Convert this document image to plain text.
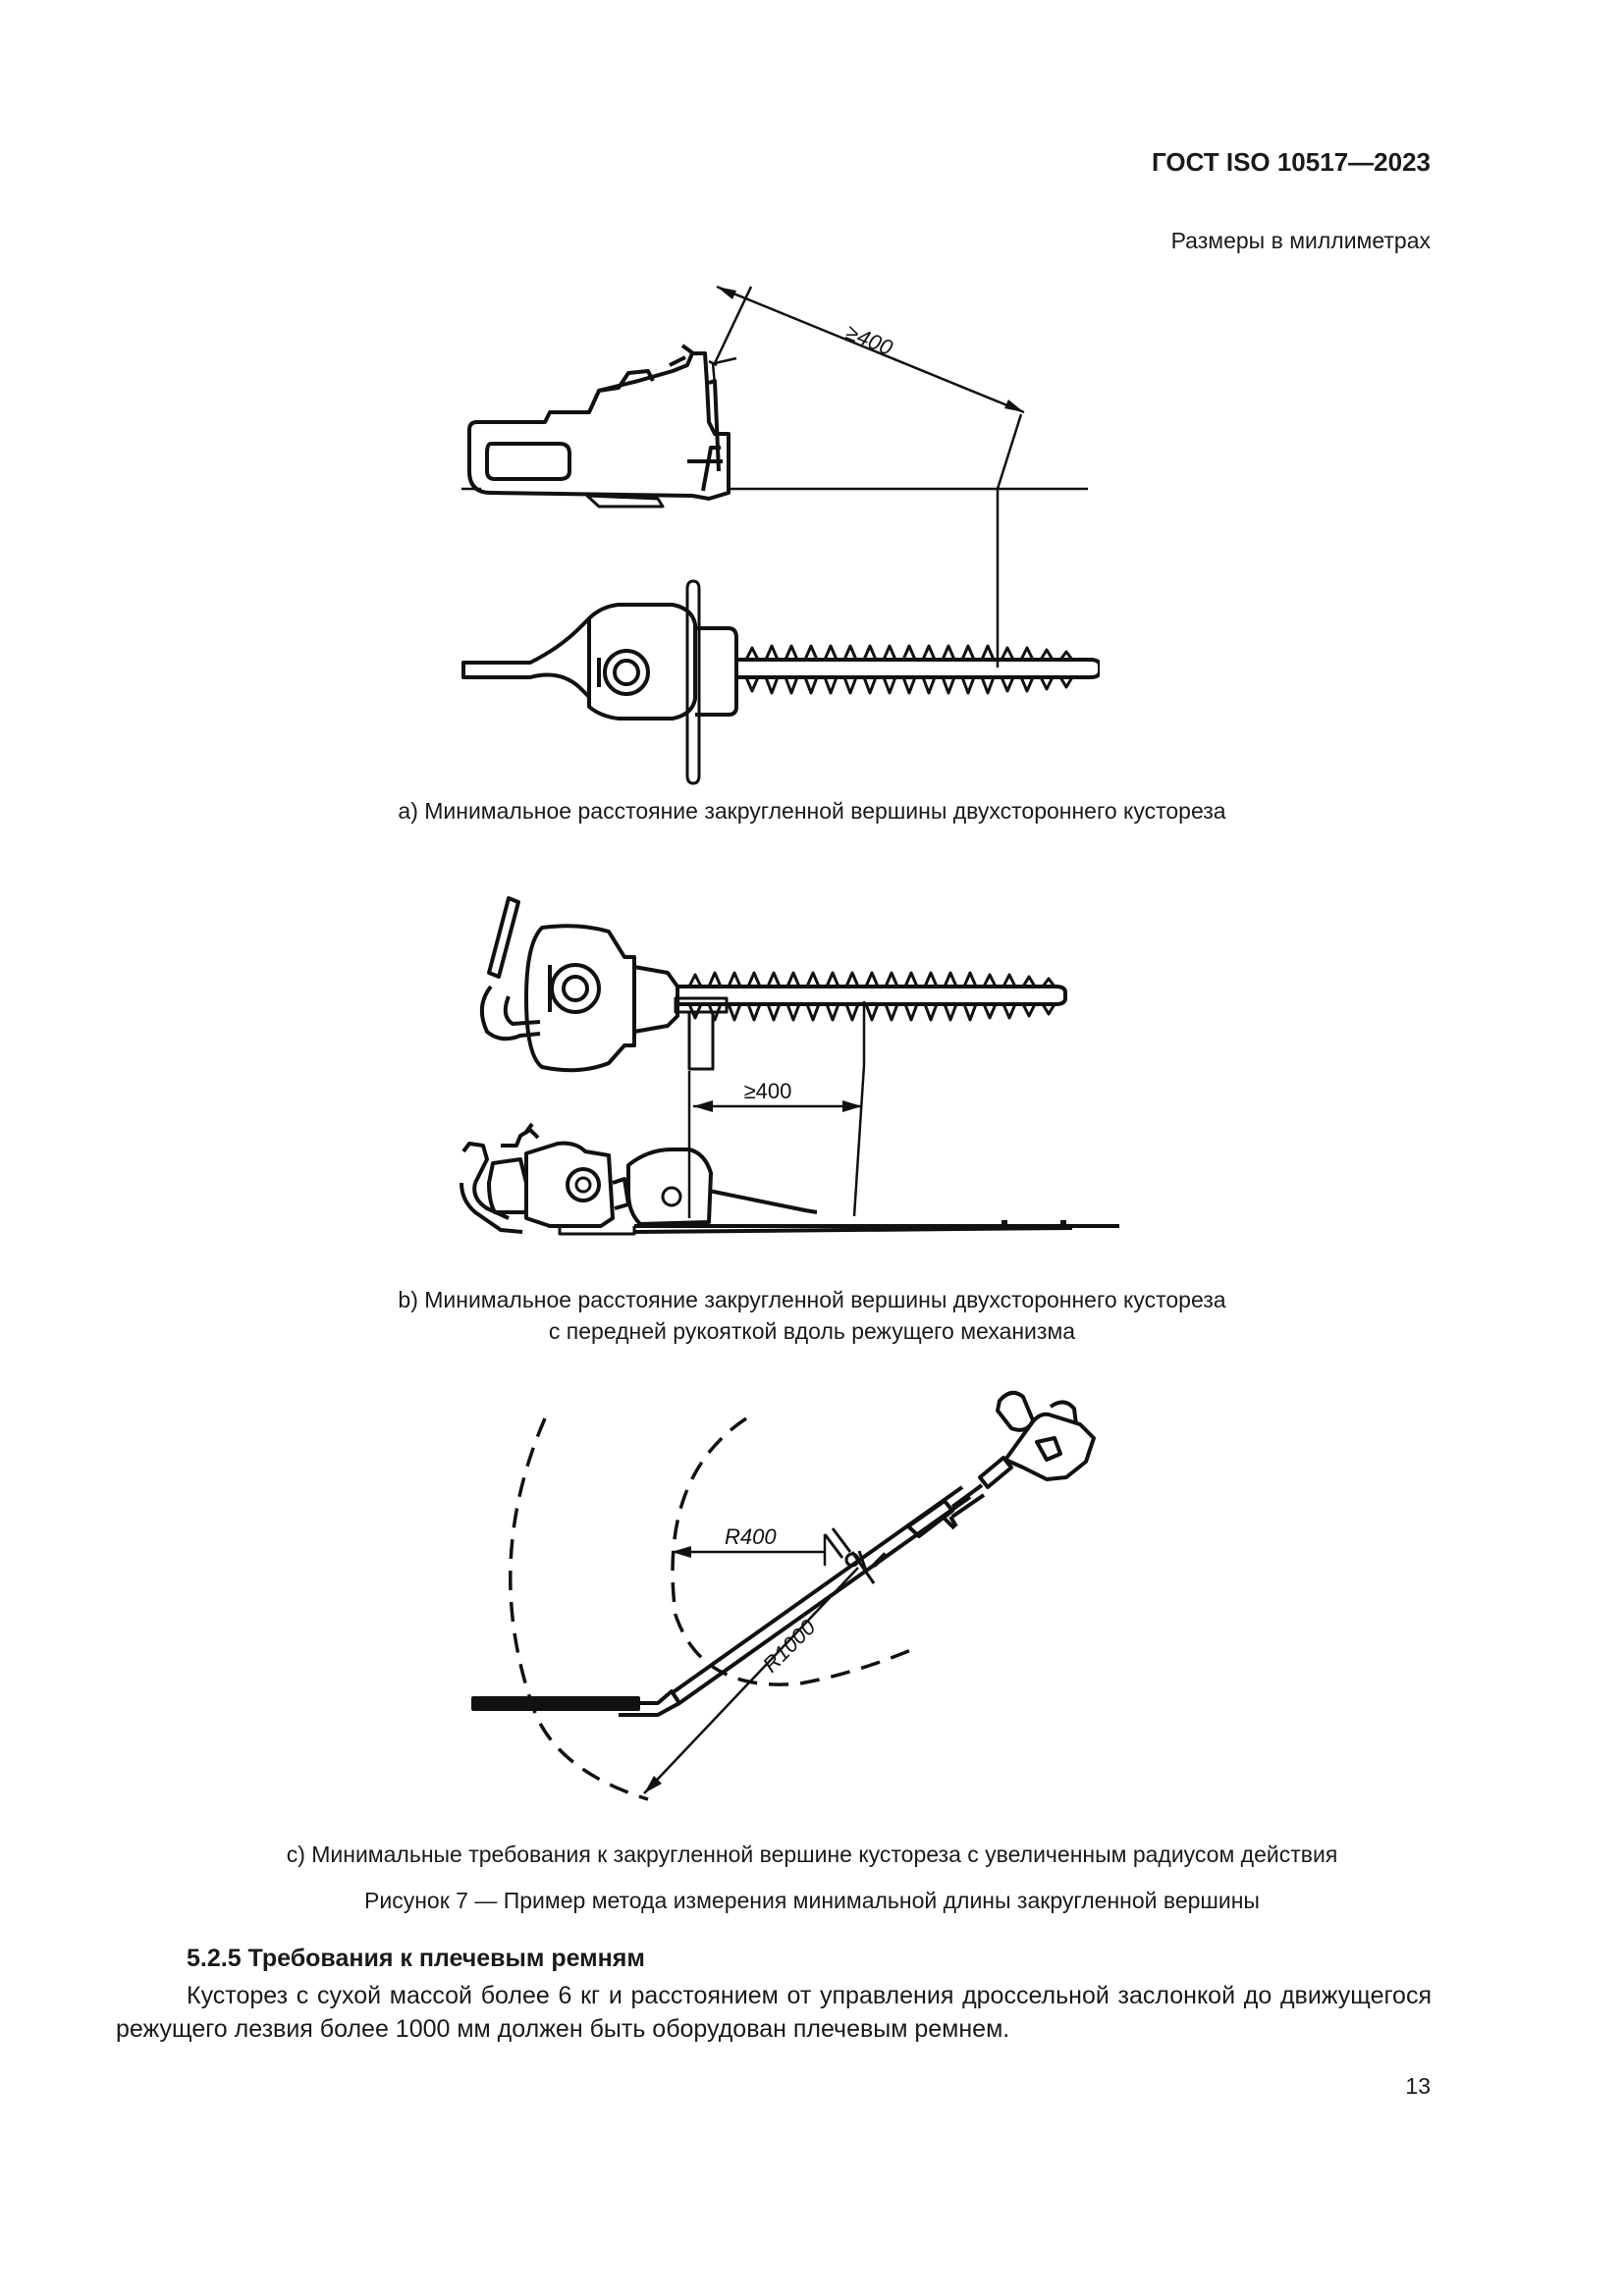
ГОСТ ISO 10517—2023
Размеры в миллиметрах
≥400
а) Минимальное расстояние закругленной вершины двухстороннего кустореза
≥400
b) Минимальное расстояние закругленной вершины двухстороннего кустореза
с передней рукояткой вдоль режущего механизма
R400
R1000
с) Минимальные требования к закругленной вершине кустореза с увеличенным радиусом действия
Рисунок 7 — Пример метода измерения минимальной длины закругленной вершины
5.2.5 Требования к плечевым ремням
Кусторез с сухой массой более 6 кг и расстоянием от управления дроссельной заслонкой до движущегося режущего лезвия более 1000 мм должен быть оборудован плечевым ремнем.
13
